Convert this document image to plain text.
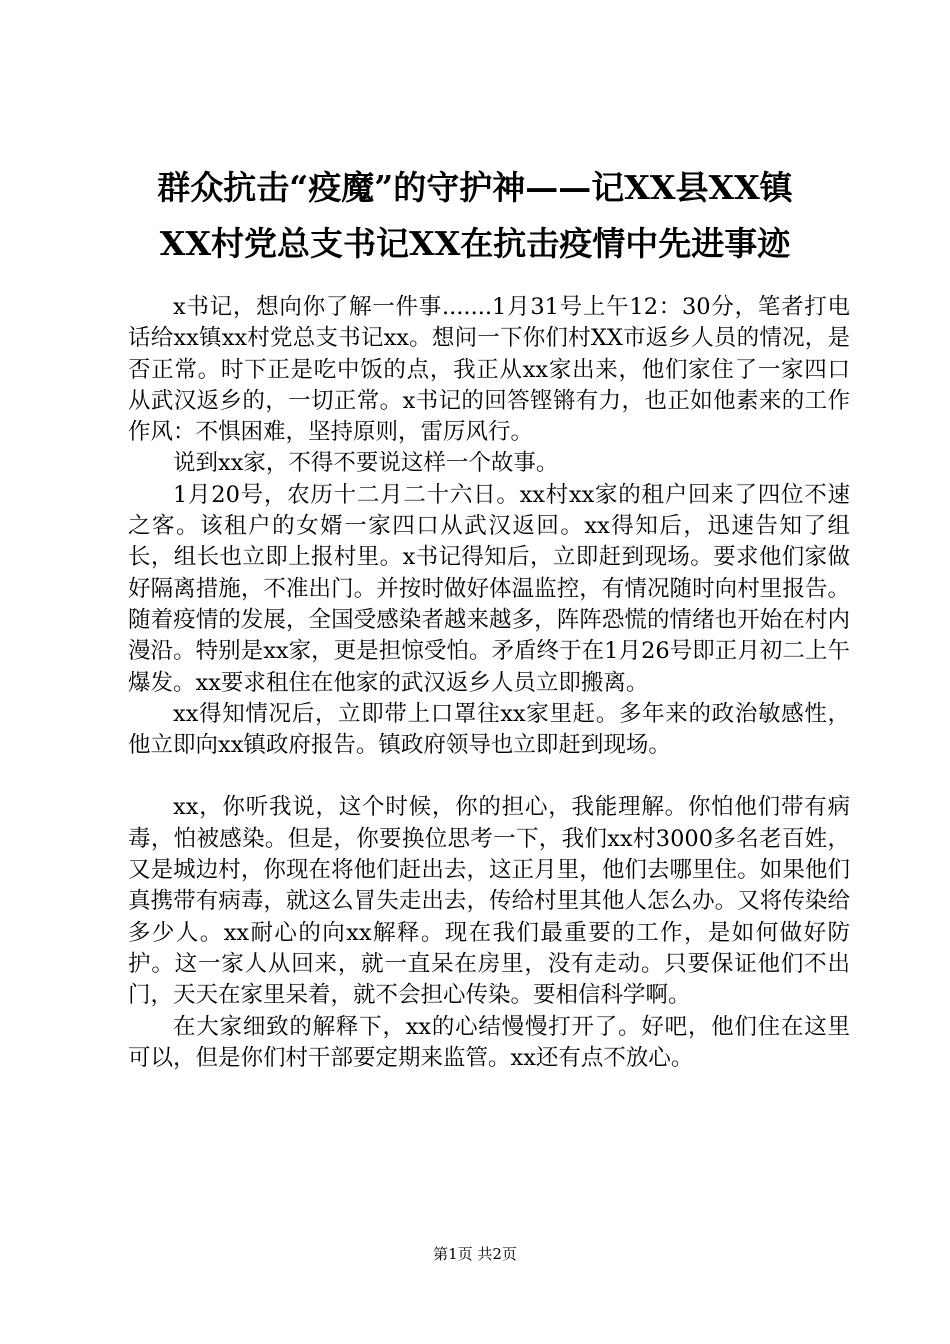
群众抗击“疫魔”的守护神——记XX县XX镇
XX村党总支书记XX在抗击疫情中先进事迹

x书记，想向你了解一件事.......1月31号上午12：30分，笔者打电话给xx镇xx村党总支书记xx。想问一下你们村XX市返乡人员的情况，是否正常。时下正是吃中饭的点，我正从xx家出来，他们家住了一家四口从武汉返乡的，一切正常。x书记的回答铿锵有力，也正如他素来的工作作风：不惧困难，坚持原则，雷厉风行。

说到xx家，不得不要说这样一个故事。

1月20号，农历十二月二十六日。xx村xx家的租户回来了四位不速之客。该租户的女婿一家四口从武汉返回。xx得知后，迅速告知了组长，组长也立即上报村里。x书记得知后，立即赶到现场。要求他们家做好隔离措施，不准出门。并按时做好体温监控，有情况随时向村里报告。随着疫情的发展，全国受感染者越来越多，阵阵恐慌的情绪也开始在村内漫沿。特别是xx家，更是担惊受怕。矛盾终于在1月26号即正月初二上午爆发。xx要求租住在他家的武汉返乡人员立即搬离。

xx得知情况后，立即带上口罩往xx家里赶。多年来的政治敏感性，他立即向xx镇政府报告。镇政府领导也立即赶到现场。

xx，你听我说，这个时候，你的担心，我能理解。你怕他们带有病毒，怕被感染。但是，你要换位思考一下，我们xx村3000多名老百姓，又是城边村，你现在将他们赶出去，这正月里，他们去哪里住。如果他们真携带有病毒，就这么冒失走出去，传给村里其他人怎么办。又将传染给多少人。xx耐心的向xx解释。现在我们最重要的工作，是如何做好防护。这一家人从回来，就一直呆在房里，没有走动。只要保证他们不出门，天天在家里呆着，就不会担心传染。要相信科学啊。

在大家细致的解释下，xx的心结慢慢打开了。好吧，他们住在这里可以，但是你们村干部要定期来监管。xx还有点不放心。

第1页 共2页
